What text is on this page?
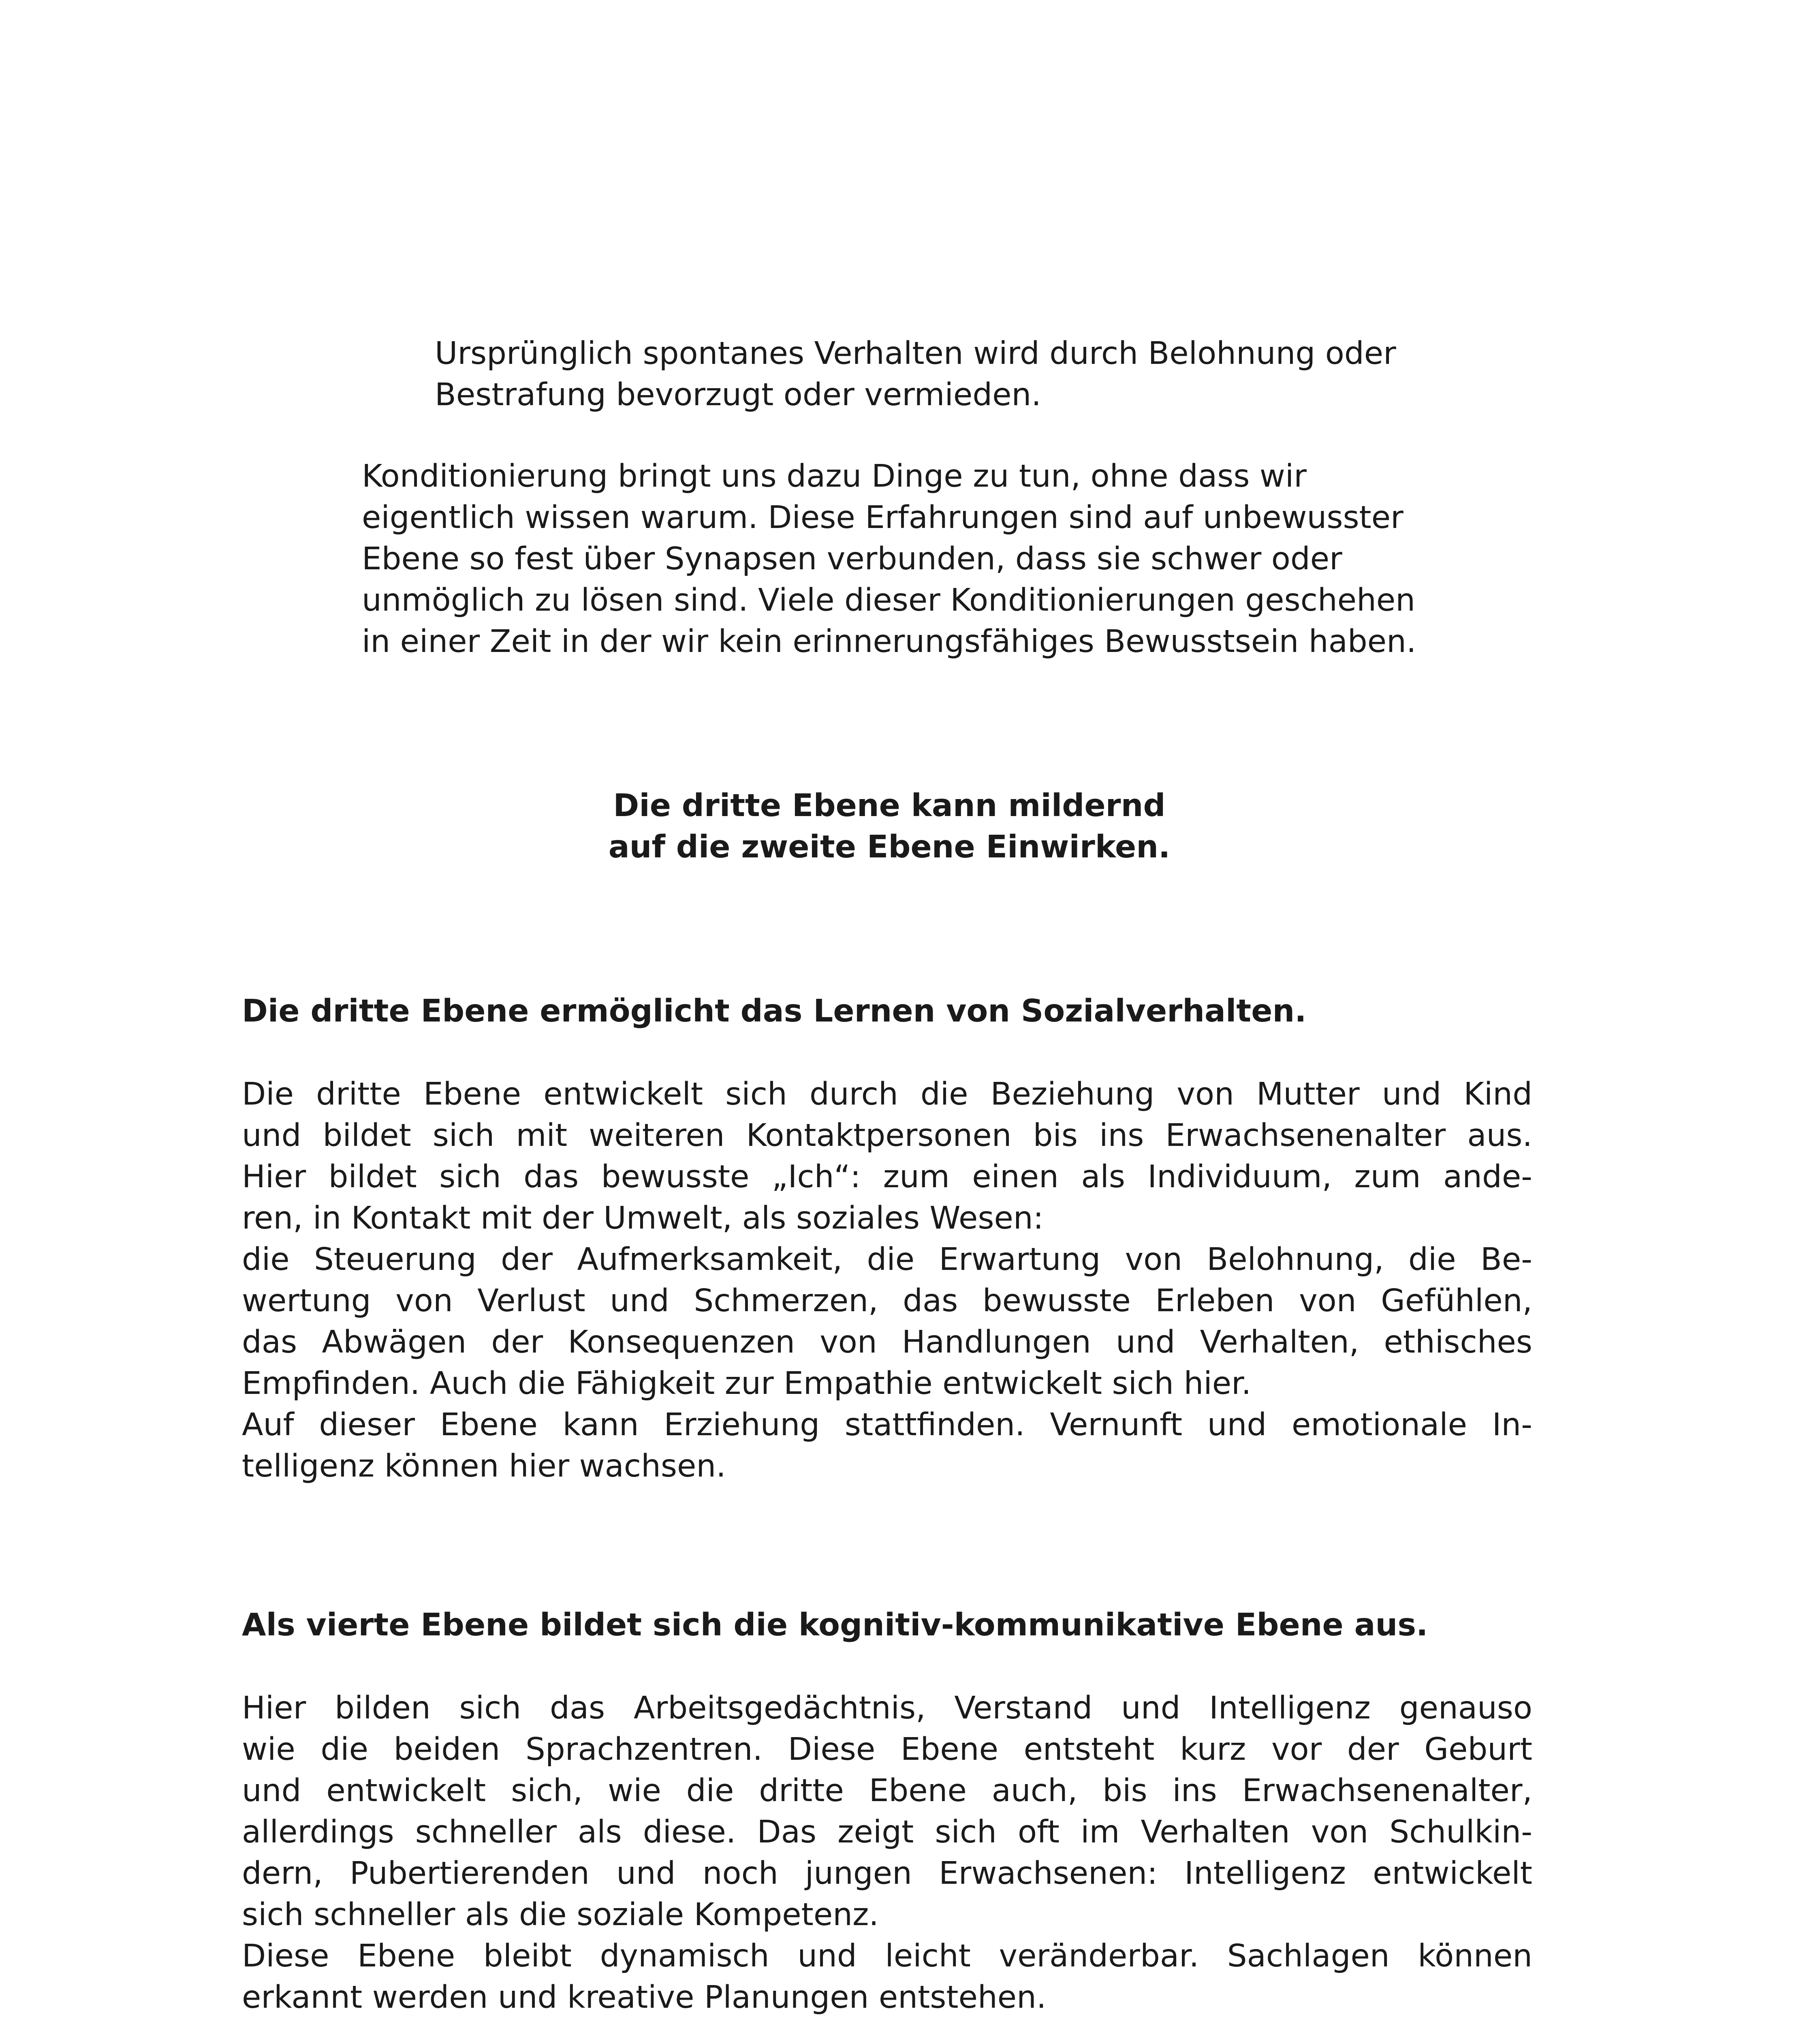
Ursprünglich spontanes Verhalten wird durch Belohnung oder
Bestrafung bevorzugt oder vermieden.
Konditionierung bringt uns dazu Dinge zu tun, ohne dass wir
eigentlich wissen warum. Diese Erfahrungen sind auf unbewusster
Ebene so fest über Synapsen verbunden, dass sie schwer oder
unmöglich zu lösen sind. Viele dieser Konditionierungen geschehen
in einer Zeit in der wir kein erinnerungsfähiges Bewusstsein haben.
Die dritte Ebene kann mildernd
auf die zweite Ebene Einwirken.
Die dritte Ebene ermöglicht das Lernen von Sozialverhalten.
Die dritte Ebene entwickelt sich durch die Beziehung von Mutter und Kind
und bildet sich mit weiteren Kontaktpersonen bis ins Erwachsenenalter aus.
Hier bildet sich das bewusste „Ich“: zum einen als Individuum, zum ande-
ren, in Kontakt mit der Umwelt, als soziales Wesen:
die Steuerung der Aufmerksamkeit, die Erwartung von Belohnung, die Be-
wertung von Verlust und Schmerzen, das bewusste Erleben von Gefühlen,
das Abwägen der Konsequenzen von Handlungen und Verhalten, ethisches
Empfinden. Auch die Fähigkeit zur Empathie entwickelt sich hier.
Auf dieser Ebene kann Erziehung stattfinden. Vernunft und emotionale In-
telligenz können hier wachsen.
Als vierte Ebene bildet sich die kognitiv-kommunikative Ebene aus.
Hier bilden sich das Arbeitsgedächtnis, Verstand und Intelligenz genauso
wie die beiden Sprachzentren. Diese Ebene entsteht kurz vor der Geburt
und entwickelt sich, wie die dritte Ebene auch, bis ins Erwachsenenalter,
allerdings schneller als diese. Das zeigt sich oft im Verhalten von Schulkin-
dern, Pubertierenden und noch jungen Erwachsenen: Intelligenz entwickelt
sich schneller als die soziale Kompetenz.
Diese Ebene bleibt dynamisch und leicht veränderbar. Sachlagen können
erkannt werden und kreative Planungen entstehen.
